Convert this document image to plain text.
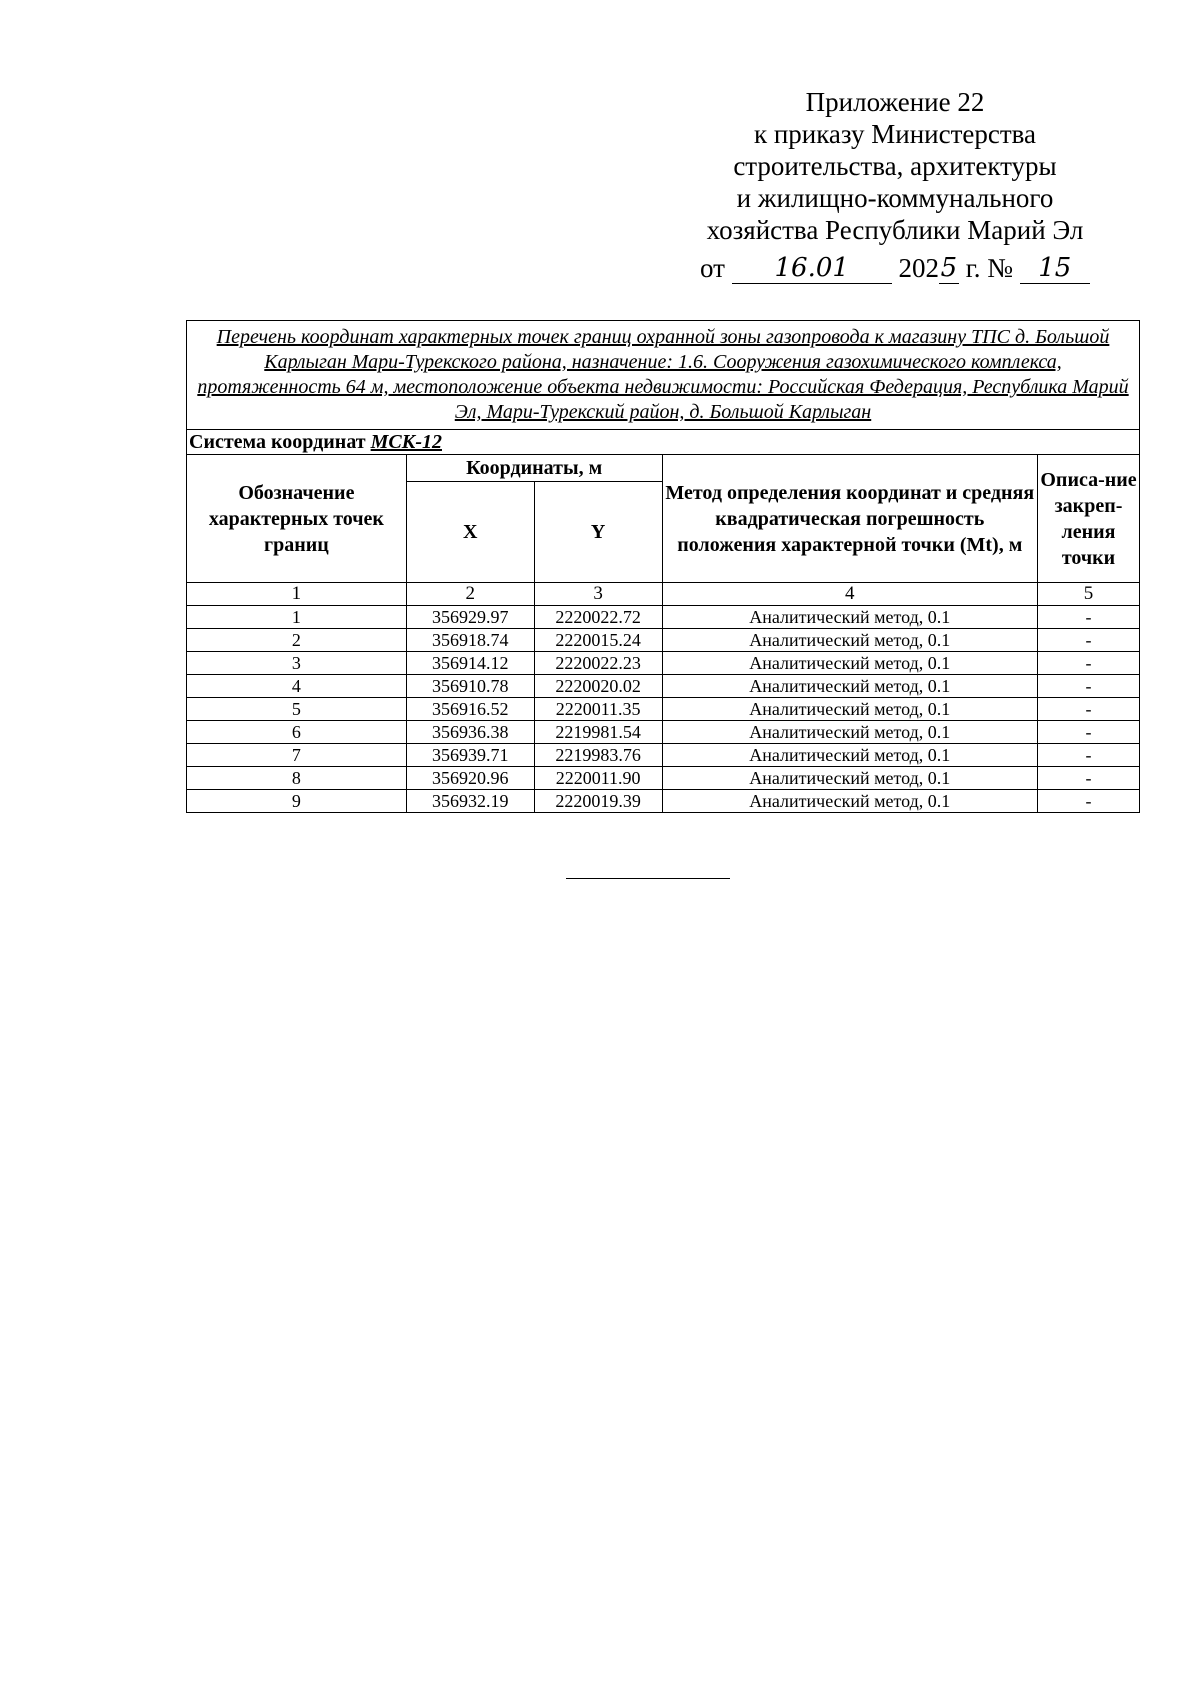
Приложение 22
к приказу Министерства
строительства, архитектуры
и жилищно-коммунального
хозяйства Республики Марий Эл
от 16.01 2025 г. № 15
Перечень координат характерных точек границ охранной зоны газопровода к магазину ТПС д. Большой Карлыган Мари-Турекского района, назначение: 1.6. Сооружения газохимического комплекса, протяженность 64 м, местоположение объекта недвижимости: Российская Федерация, Республика Марий Эл, Мари-Турекский район, д. Большой Карлыган				
Система координат МСК-12				
Обозначение характерных точек границ	Координаты, м		Метод определения координат и средняя квадратическая погрешность положения характерной точки (Mt), м	Описа-ние закреп-ления точки
	X	Y		
1	2	3	4	5
1	356929.97	2220022.72	Аналитический метод, 0.1	-
2	356918.74	2220015.24	Аналитический метод, 0.1	-
3	356914.12	2220022.23	Аналитический метод, 0.1	-
4	356910.78	2220020.02	Аналитический метод, 0.1	-
5	356916.52	2220011.35	Аналитический метод, 0.1	-
6	356936.38	2219981.54	Аналитический метод, 0.1	-
7	356939.71	2219983.76	Аналитический метод, 0.1	-
8	356920.96	2220011.90	Аналитический метод, 0.1	-
9	356932.19	2220019.39	Аналитический метод, 0.1	-
